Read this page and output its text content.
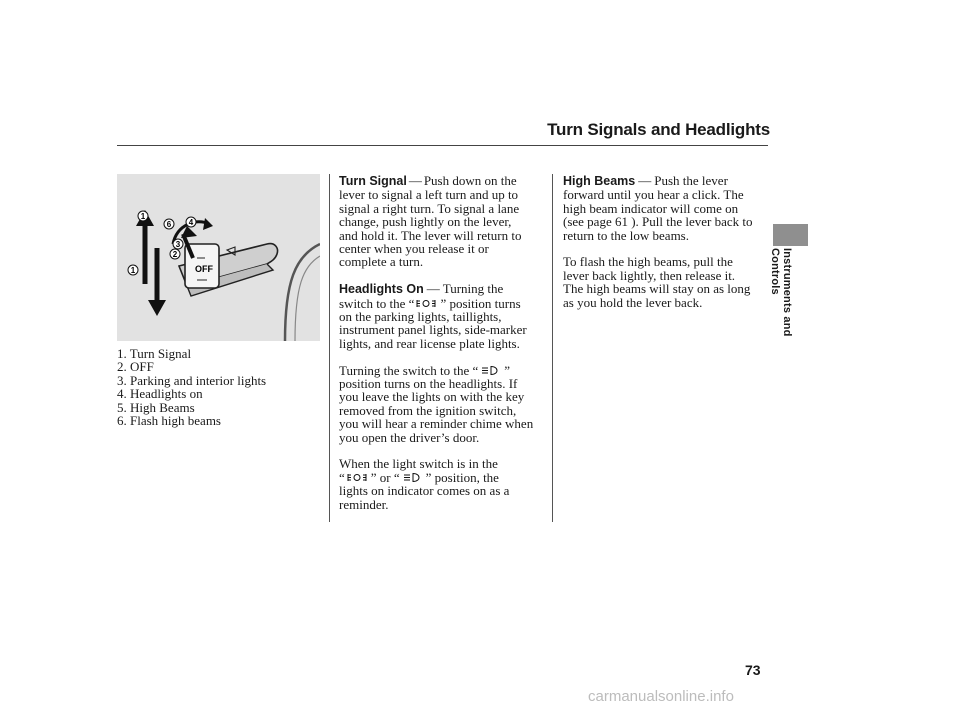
Turn Signals and Headlights
Instruments and Controls
OFF
1
6 4
3
2
1
1. Turn Signal
2. OFF
3. Parking and interior lights
4. Headlights on
5. High Beams
6. Flash high beams

Turn Signal — Push down on the

lever to signal a left turn and up to

signal a right turn. To signal a lane

change, push lightly on the lever,

and hold it. The lever will return to

center when you release it or

complete a turn.

Headlights On — Turning the

switch to the “ ” position turns

on the parking lights, taillights,

instrument panel lights, side-marker

lights, and rear license plate lights.

Turning the switch to the “ ”

position turns on the headlights. If

you leave the lights on with the key

removed from the ignition switch,

you will hear a reminder chime when

you open the driver’s door.

When the light switch is in the

“ ” or “ ” position, the

lights on indicator comes on as a

reminder.

High Beams — Push the lever

forward until you hear a click. The

high beam indicator will come on

(see page 61 ). Pull the lever back to

return to the low beams.

To flash the high beams, pull the

lever back lightly, then release it.

The high beams will stay on as long

as you hold the lever back.

73
carmanualsonline.info
